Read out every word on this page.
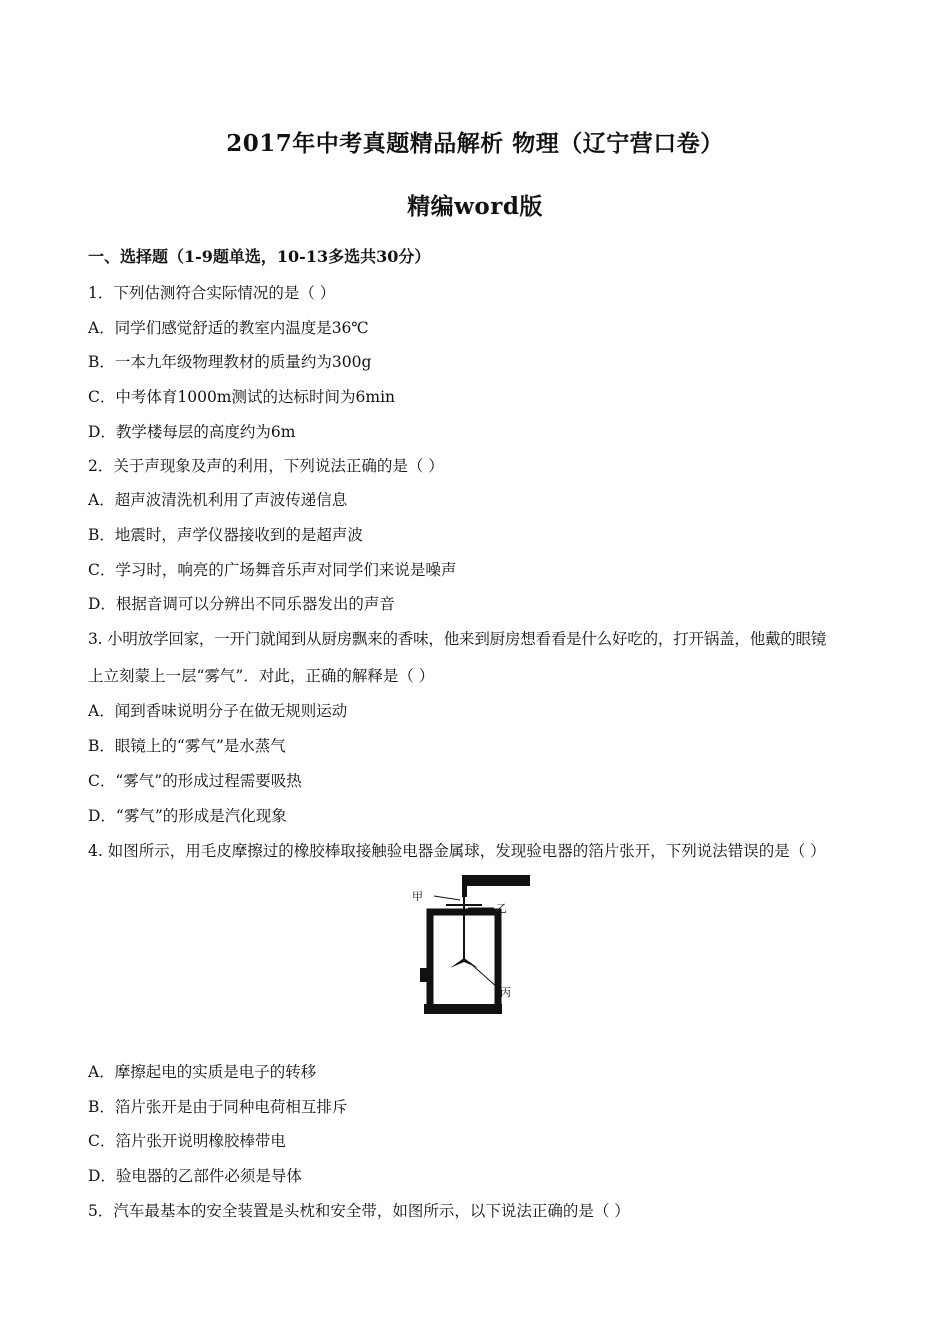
2017年中考真题精品解析 物理（辽宁营口卷）
精编word版
一、选择题（1-9题单选，10-13多选共30分）
1．下列估测符合实际情况的是（ ）
A．同学们感觉舒适的教室内温度是36℃
B．一本九年级物理教材的质量约为300g
C．中考体育1000m测试的达标时间为6min
D．教学楼每层的高度约为6m
2．关于声现象及声的利用，下列说法正确的是（ ）
A．超声波清洗机利用了声波传递信息
B．地震时，声学仪器接收到的是超声波
C．学习时，响亮的广场舞音乐声对同学们来说是噪声
D．根据音调可以分辨出不同乐器发出的声音
3. 小明放学回家，一开门就闻到从厨房飘来的香味，他来到厨房想看看是什么好吃的，打开锅盖，他戴的眼镜
上立刻蒙上一层“雾气”．对此，正确的解释是（ ）
A．闻到香味说明分子在做无规则运动
B．眼镜上的“雾气”是水蒸气
C．“雾气”的形成过程需要吸热
D．“雾气”的形成是汽化现象
4. 如图所示，用毛皮摩擦过的橡胶棒取接触验电器金属球，发现验电器的箔片张开，下列说法错误的是（ ）
甲
乙
丙
A．摩擦起电的实质是电子的转移
B．箔片张开是由于同种电荷相互排斥
C．箔片张开说明橡胶棒带电
D．验电器的乙部件必须是导体
5．汽车最基本的安全装置是头枕和安全带，如图所示，以下说法正确的是（ ）
